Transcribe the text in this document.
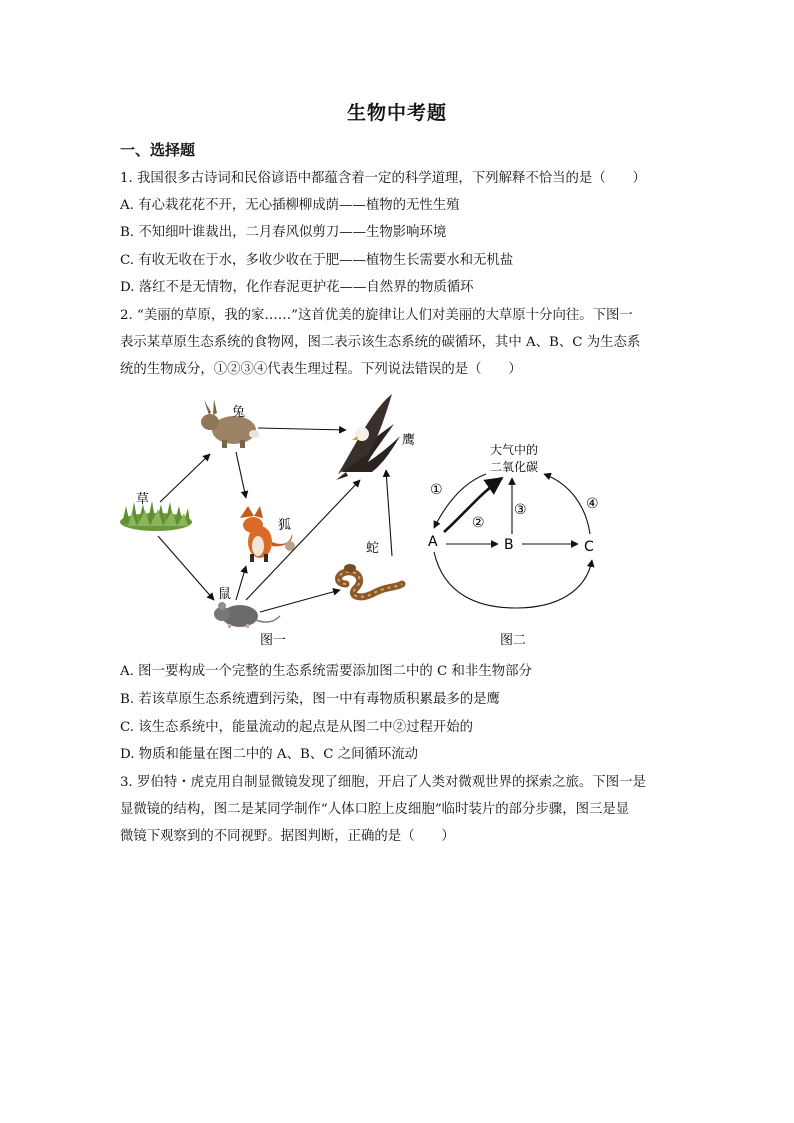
生物中考题
一、选择题
1. 我国很多古诗词和民俗谚语中都蕴含着一定的科学道理，下列解释不恰当的是（　　）
A. 有心栽花花不开，无心插柳柳成荫——植物的无性生殖
B. 不知细叶谁裁出，二月春风似剪刀——生物影响环境
C. 有收无收在于水，多收少收在于肥——植物生长需要水和无机盐
D. 落红不是无情物，化作春泥更护花——自然界的物质循环
2. “美丽的草原，我的家……”这首优美的旋律让人们对美丽的大草原十分向往。下图一
表示某草原生态系统的食物网，图二表示该生态系统的碳循环，其中 A、B、C 为生态系
统的生物成分，①②③④代表生理过程。下列说法错误的是（　　）
草
兔
鹰
狐
蛇
鼠
图一
大气中的
二氧化碳
A	B	C
①
②
③	④
图二
A. 图一要构成一个完整的生态系统需要添加图二中的 C 和非生物部分
B. 若该草原生态系统遭到污染，图一中有毒物质积累最多的是鹰
C. 该生态系统中，能量流动的起点是从图二中②过程开始的
D. 物质和能量在图二中的 A、B、C 之间循环流动
3. 罗伯特・虎克用自制显微镜发现了细胞，开启了人类对微观世界的探索之旅。下图一是
显微镜的结构，图二是某同学制作“人体口腔上皮细胞”临时装片的部分步骤，图三是显
微镜下观察到的不同视野。据图判断，正确的是（　　）
